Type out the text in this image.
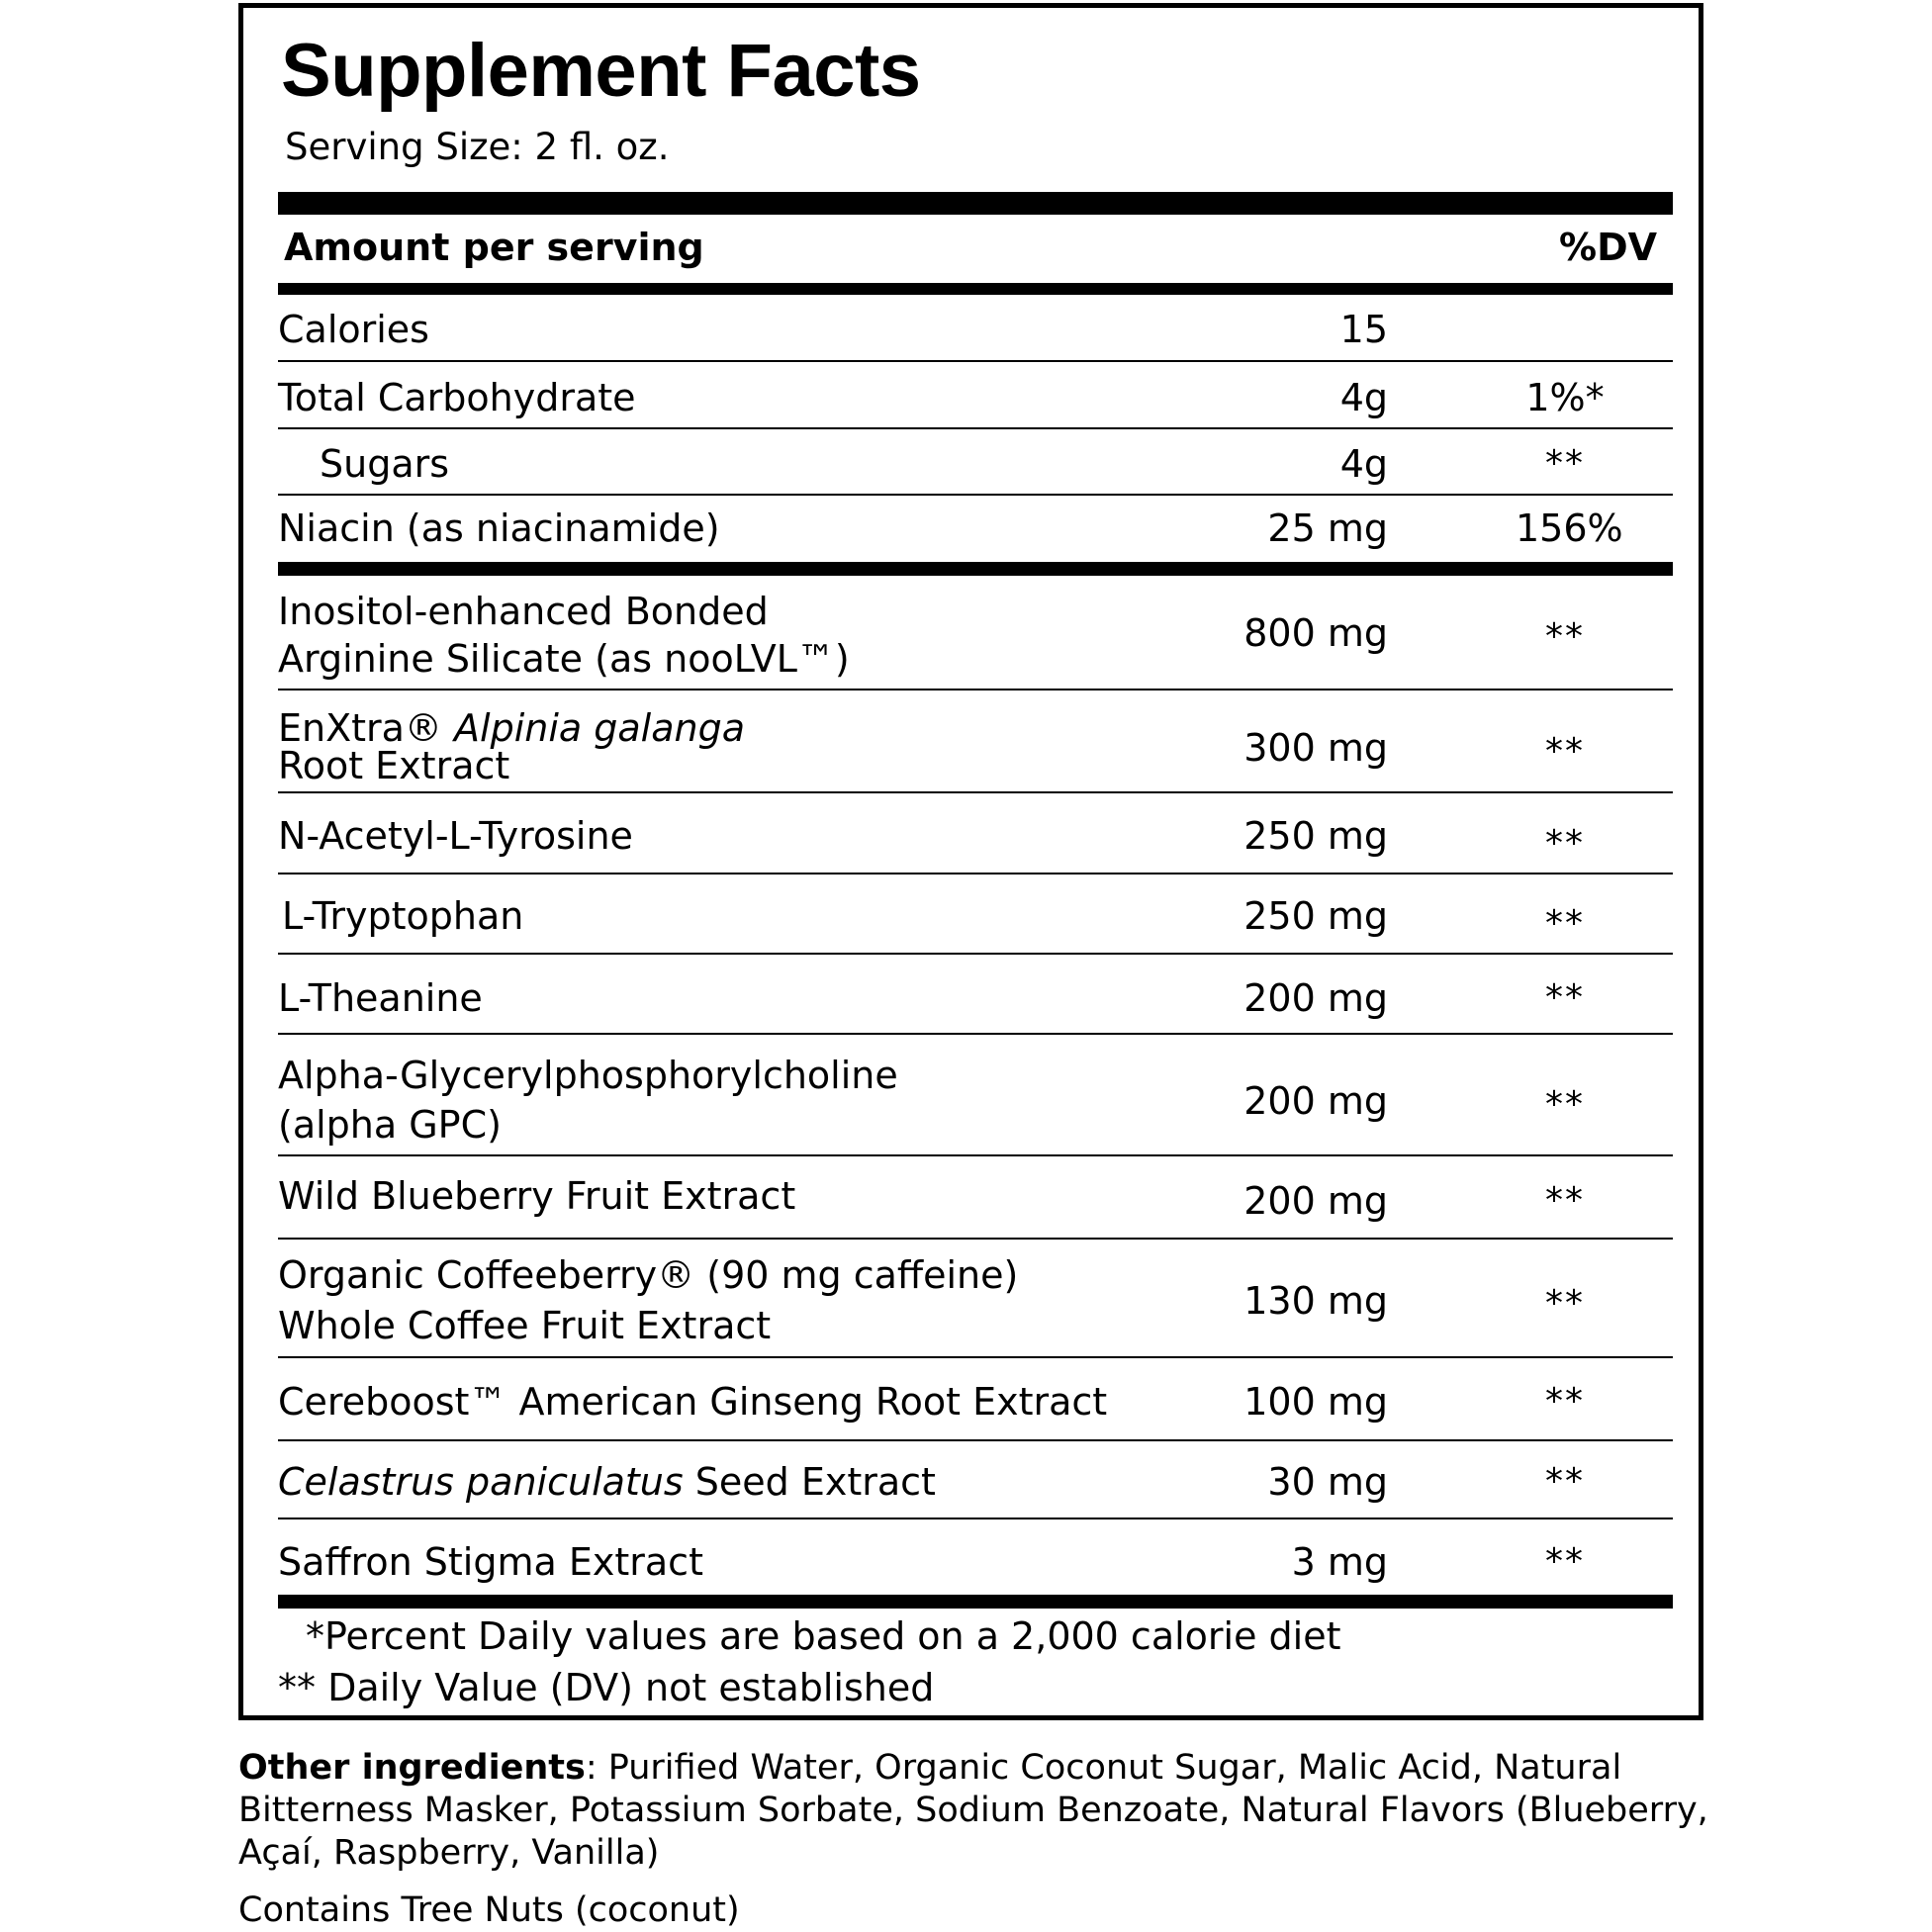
Supplement Facts
Serving Size: 2 fl. oz.
Amount per serving	%DV
Calories	15
Total Carbohydrate	4g	1%*
Sugars	4g	**
Niacin (as niacinamide)	25 mg	156%
Inositol-enhanced Bonded
Arginine Silicate (as nooLVL™)
800 mg	**
EnXtra® Alpinia galanga
Root Extract	300 mg	**
N-Acetyl-L-Tyrosine	250 mg	**
L-Tryptophan	250 mg	**
L-Theanine	200 mg	**
Alpha-Glycerylphosphorylcholine
(alpha GPC)
200 mg	**
Wild Blueberry Fruit Extract	200 mg	**
Organic Coffeeberry® (90 mg caffeine)
Whole Coffee Fruit Extract
130 mg	**
Cereboost™ American Ginseng Root Extract	100 mg	**
Celastrus paniculatus Seed Extract	30 mg	**
Saffron Stigma Extract	3 mg	**
*Percent Daily values are based on a 2,000 calorie diet
** Daily Value (DV) not established
Other ingredients: Purified Water, Organic Coconut Sugar, Malic Acid, Natural Bitterness Masker, Potassium Sorbate, Sodium Benzoate, Natural Flavors (Blueberry, Açaí, Raspberry, Vanilla)
Contains Tree Nuts (coconut)
